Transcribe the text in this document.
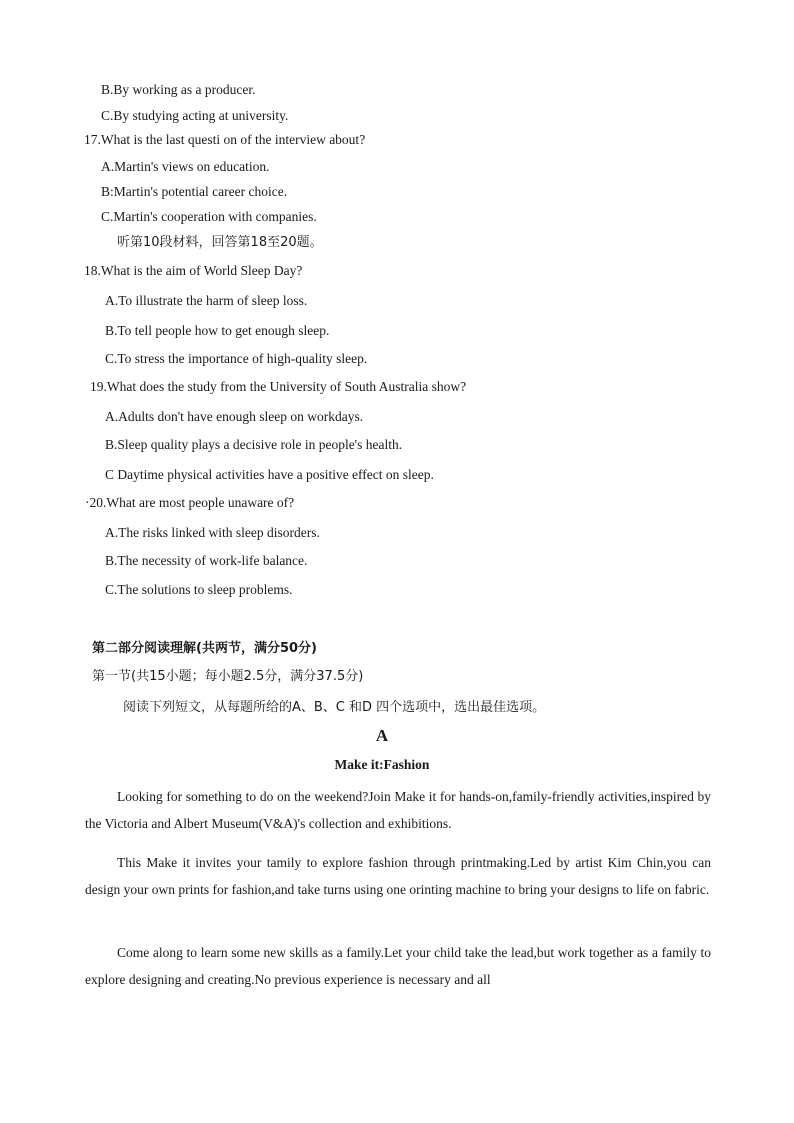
B.By working as a producer.
C.By studying acting at university.
17.What is the last questi on of the interview about?
A.Martin's views on education.
B:Martin's potential career choice.
C.Martin's cooperation with companies.
听第10段材料，回答第18至20题。
18.What is the aim of World Sleep Day?
A.To illustrate the harm of sleep loss.
B.To tell people how to get enough sleep.
C.To stress the importance of high-quality sleep.
19.What does the study from the University of South Australia show?
A.Adults don't have enough sleep on workdays.
B.Sleep quality plays a decisive role in people's health.
C Daytime physical activities have a positive effect on sleep.
·20.What are most people unaware of?
A.The risks linked with sleep disorders.
B.The necessity of work-life balance.
C.The solutions to sleep problems.
第二部分阅读理解(共两节，满分50分)
第一节(共15小题；每小题2.5分，满分37.5分)
阅读下列短文，从每题所给的A、B、C 和D 四个选项中，选出最佳选项。
A
Make it:Fashion
Looking for something to do on the weekend?Join Make it for hands-on,family-friendly activities,inspired by the Victoria and Albert Museum(V&A)'s collection and exhibitions.
This Make it invites your tamily to explore fashion through printmaking.Led by artist Kim Chin,you can design your own prints for fashion,and take turns using one orinting machine to bring your designs to life on fabric.
Come along to learn some new skills as a family.Let your child take the lead,but work together as a family to explore designing and creating.No previous experience is necessary and all
